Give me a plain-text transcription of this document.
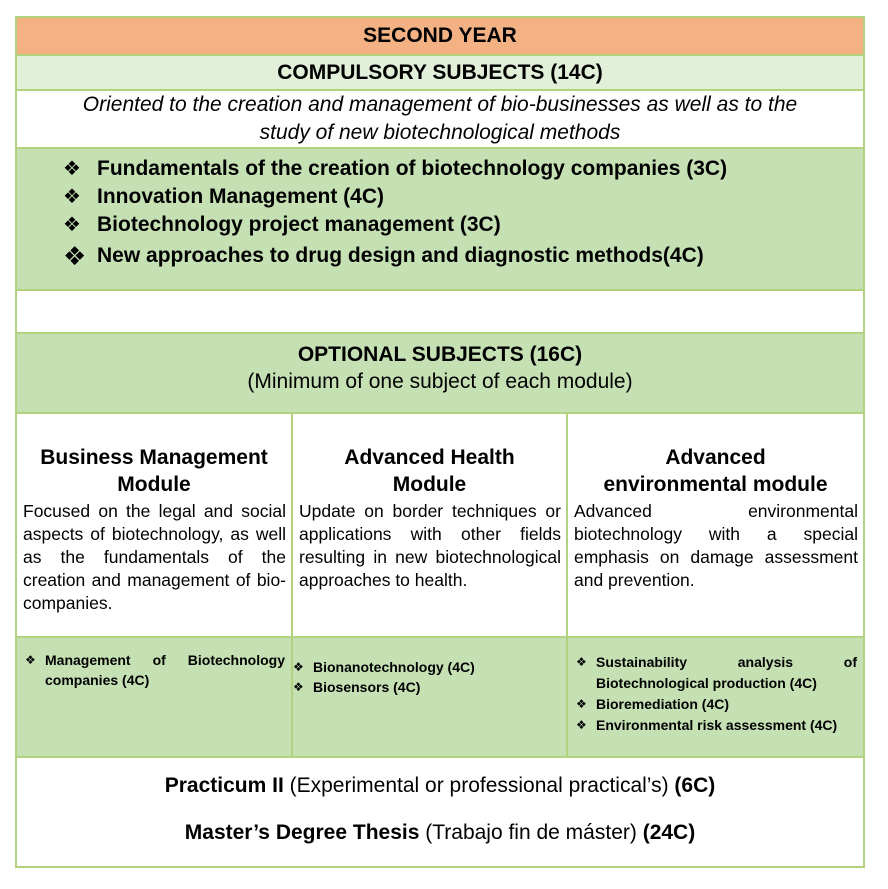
SECOND YEAR
COMPULSORY SUBJECTS (14C)
Oriented to the creation and management of bio-businesses as well as to the
study of new biotechnological methods
❖ Fundamentals of the creation of biotechnology companies (3C)
❖ Innovation Management (4C)
❖ Biotechnology project management (3C)
❖ New approaches to drug design and diagnostic methods(4C)
OPTIONAL SUBJECTS (16C)
(Minimum of one subject of each module)
Business Management
Module
Focused on the legal and social aspects of biotechnology, as well as the fundamentals of the creation and management of bio-companies.
Advanced Health
Module
Update on border techniques or applications with other fields resulting in new biotechnological approaches to health.
Advanced
environmental module
Advanced environmental biotechnology with a special emphasis on damage assessment and prevention.
❖ Management of Biotechnology companies (4C)
❖ Bionanotechnology (4C)
❖ Biosensors (4C)
❖ Sustainability analysis of Biotechnological production (4C)
❖ Bioremediation (4C)
❖ Environmental risk assessment (4C)
Practicum II (Experimental or professional practical’s) (6C)
Master’s Degree Thesis (Trabajo fin de máster) (24C)
